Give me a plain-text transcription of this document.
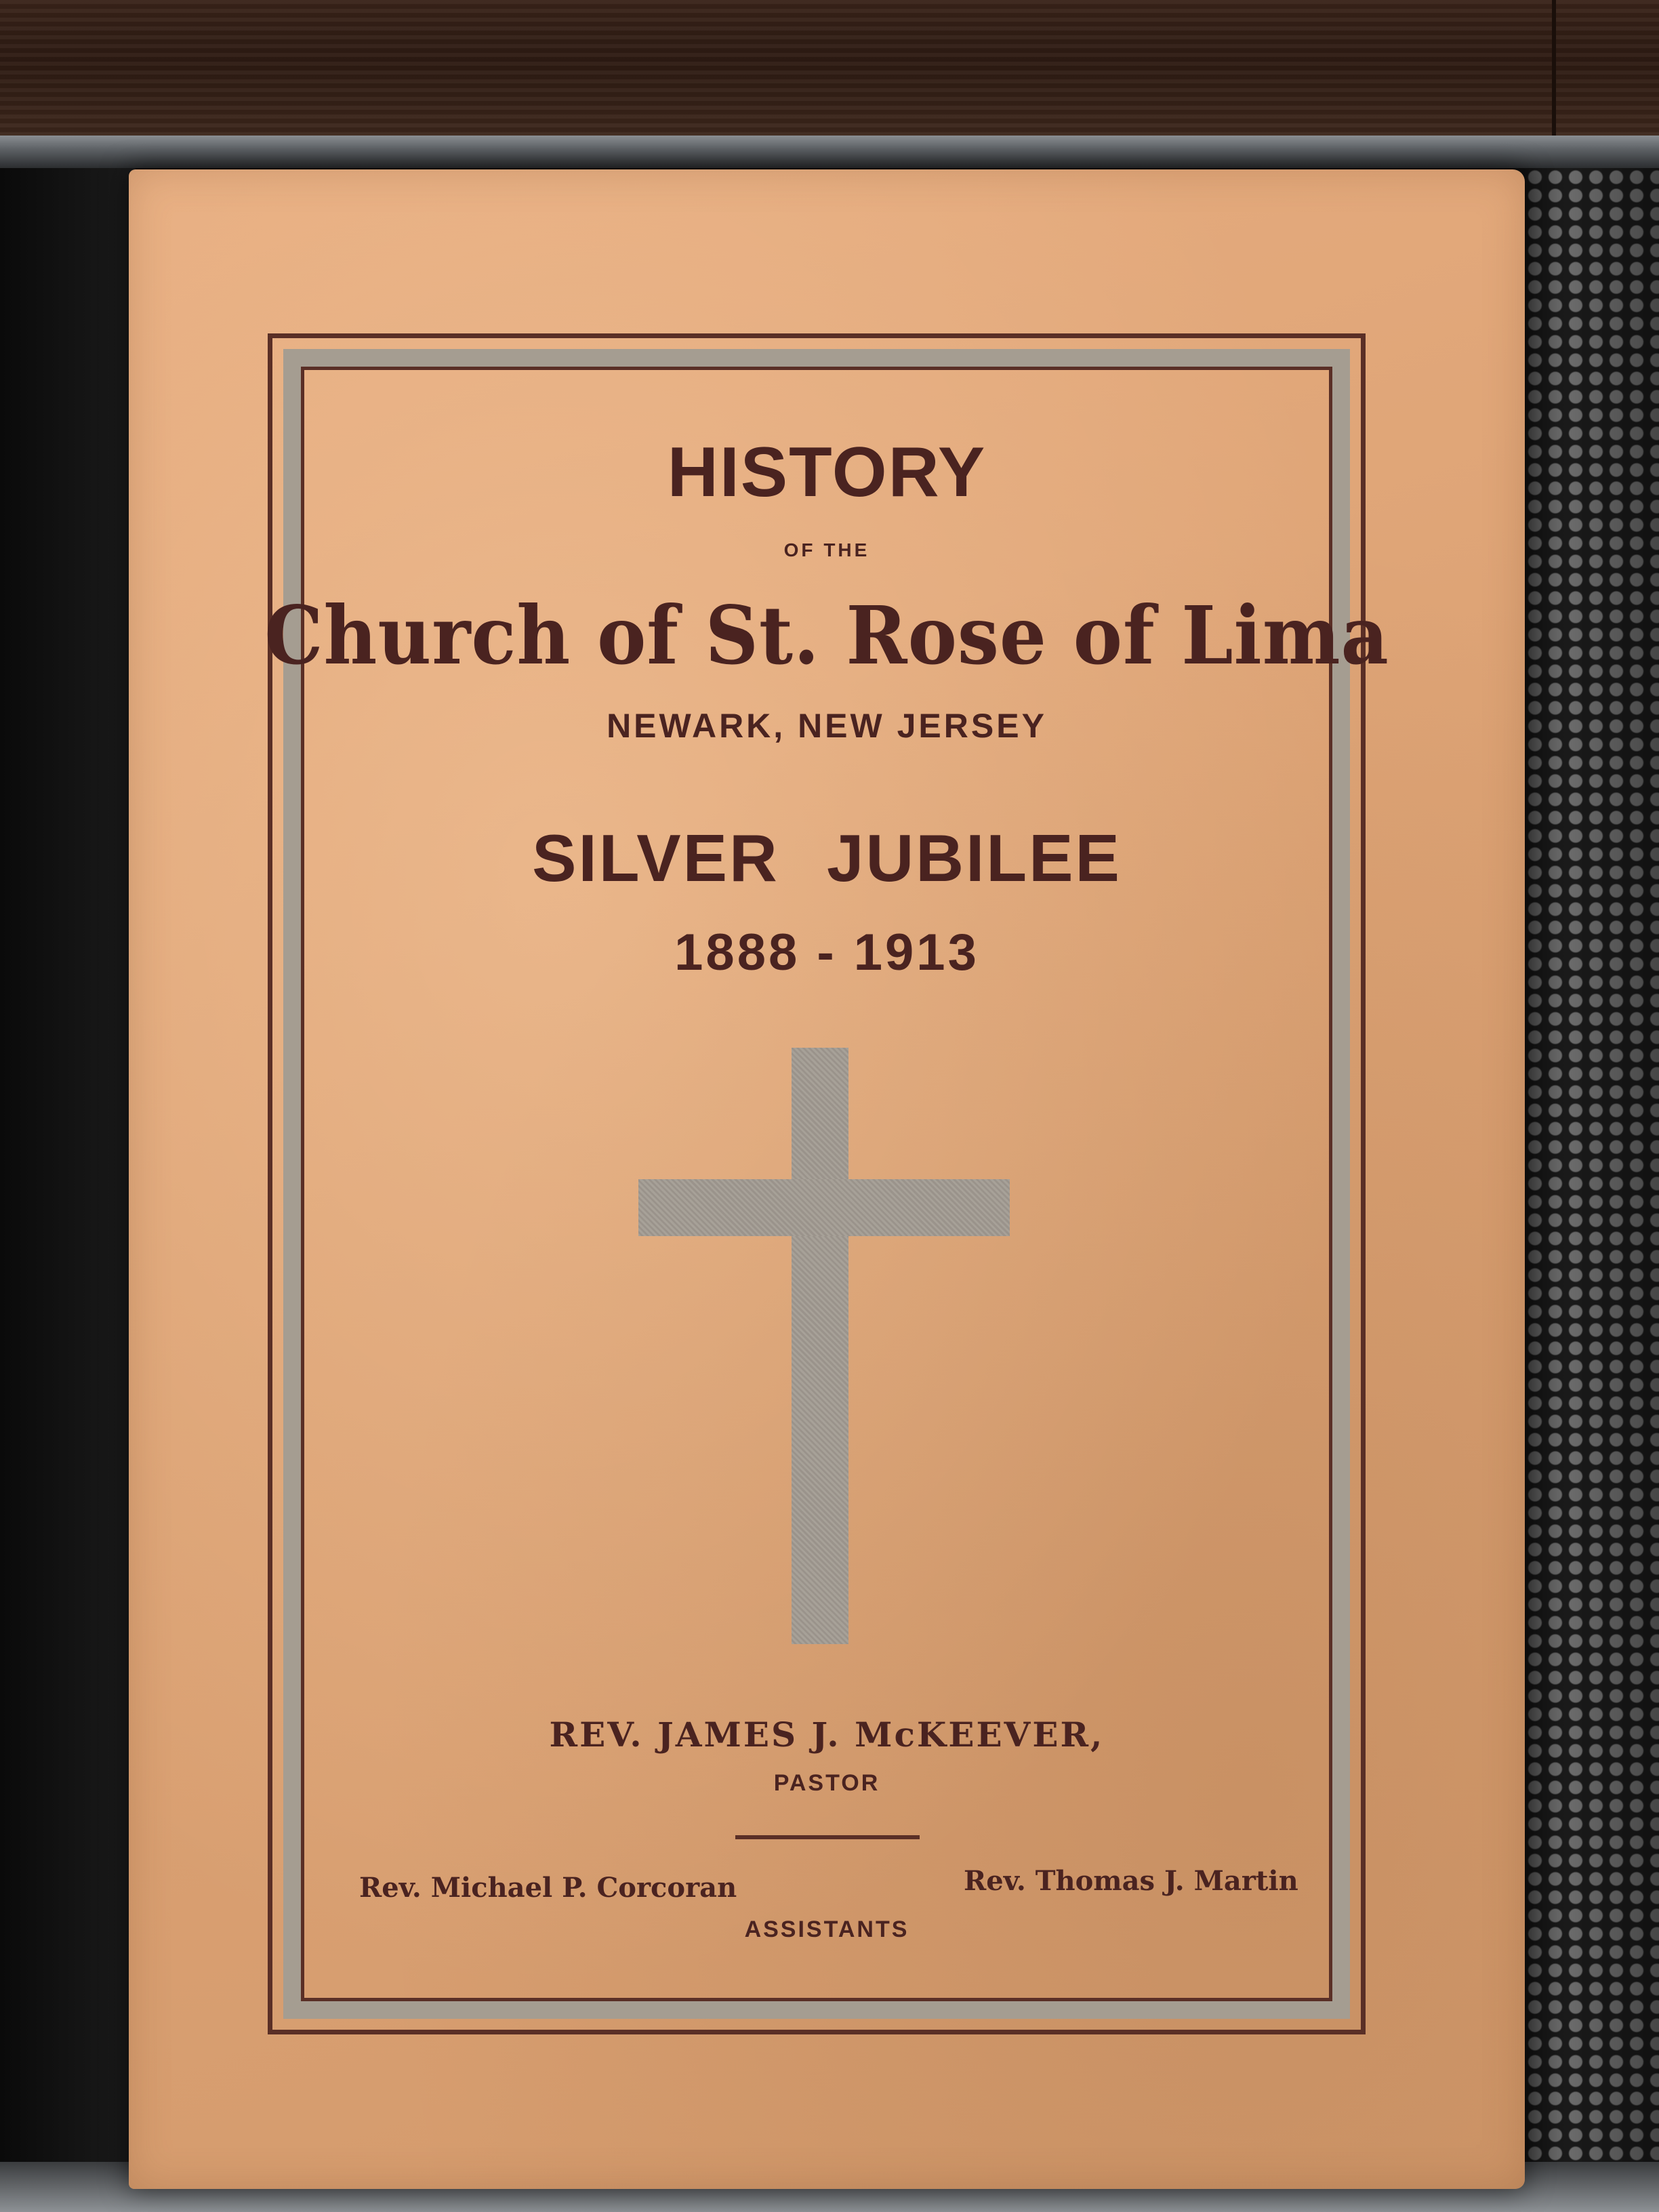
HISTORY

OF THE

Church of St. Rose of Lima

NEWARK, NEW JERSEY

SILVER JUBILEE

1888 - 1913

REV. JAMES J. McKEEVER,

PASTOR

Rev. Michael P. Corcoran	Rev. Thomas J. Martin

ASSISTANTS
